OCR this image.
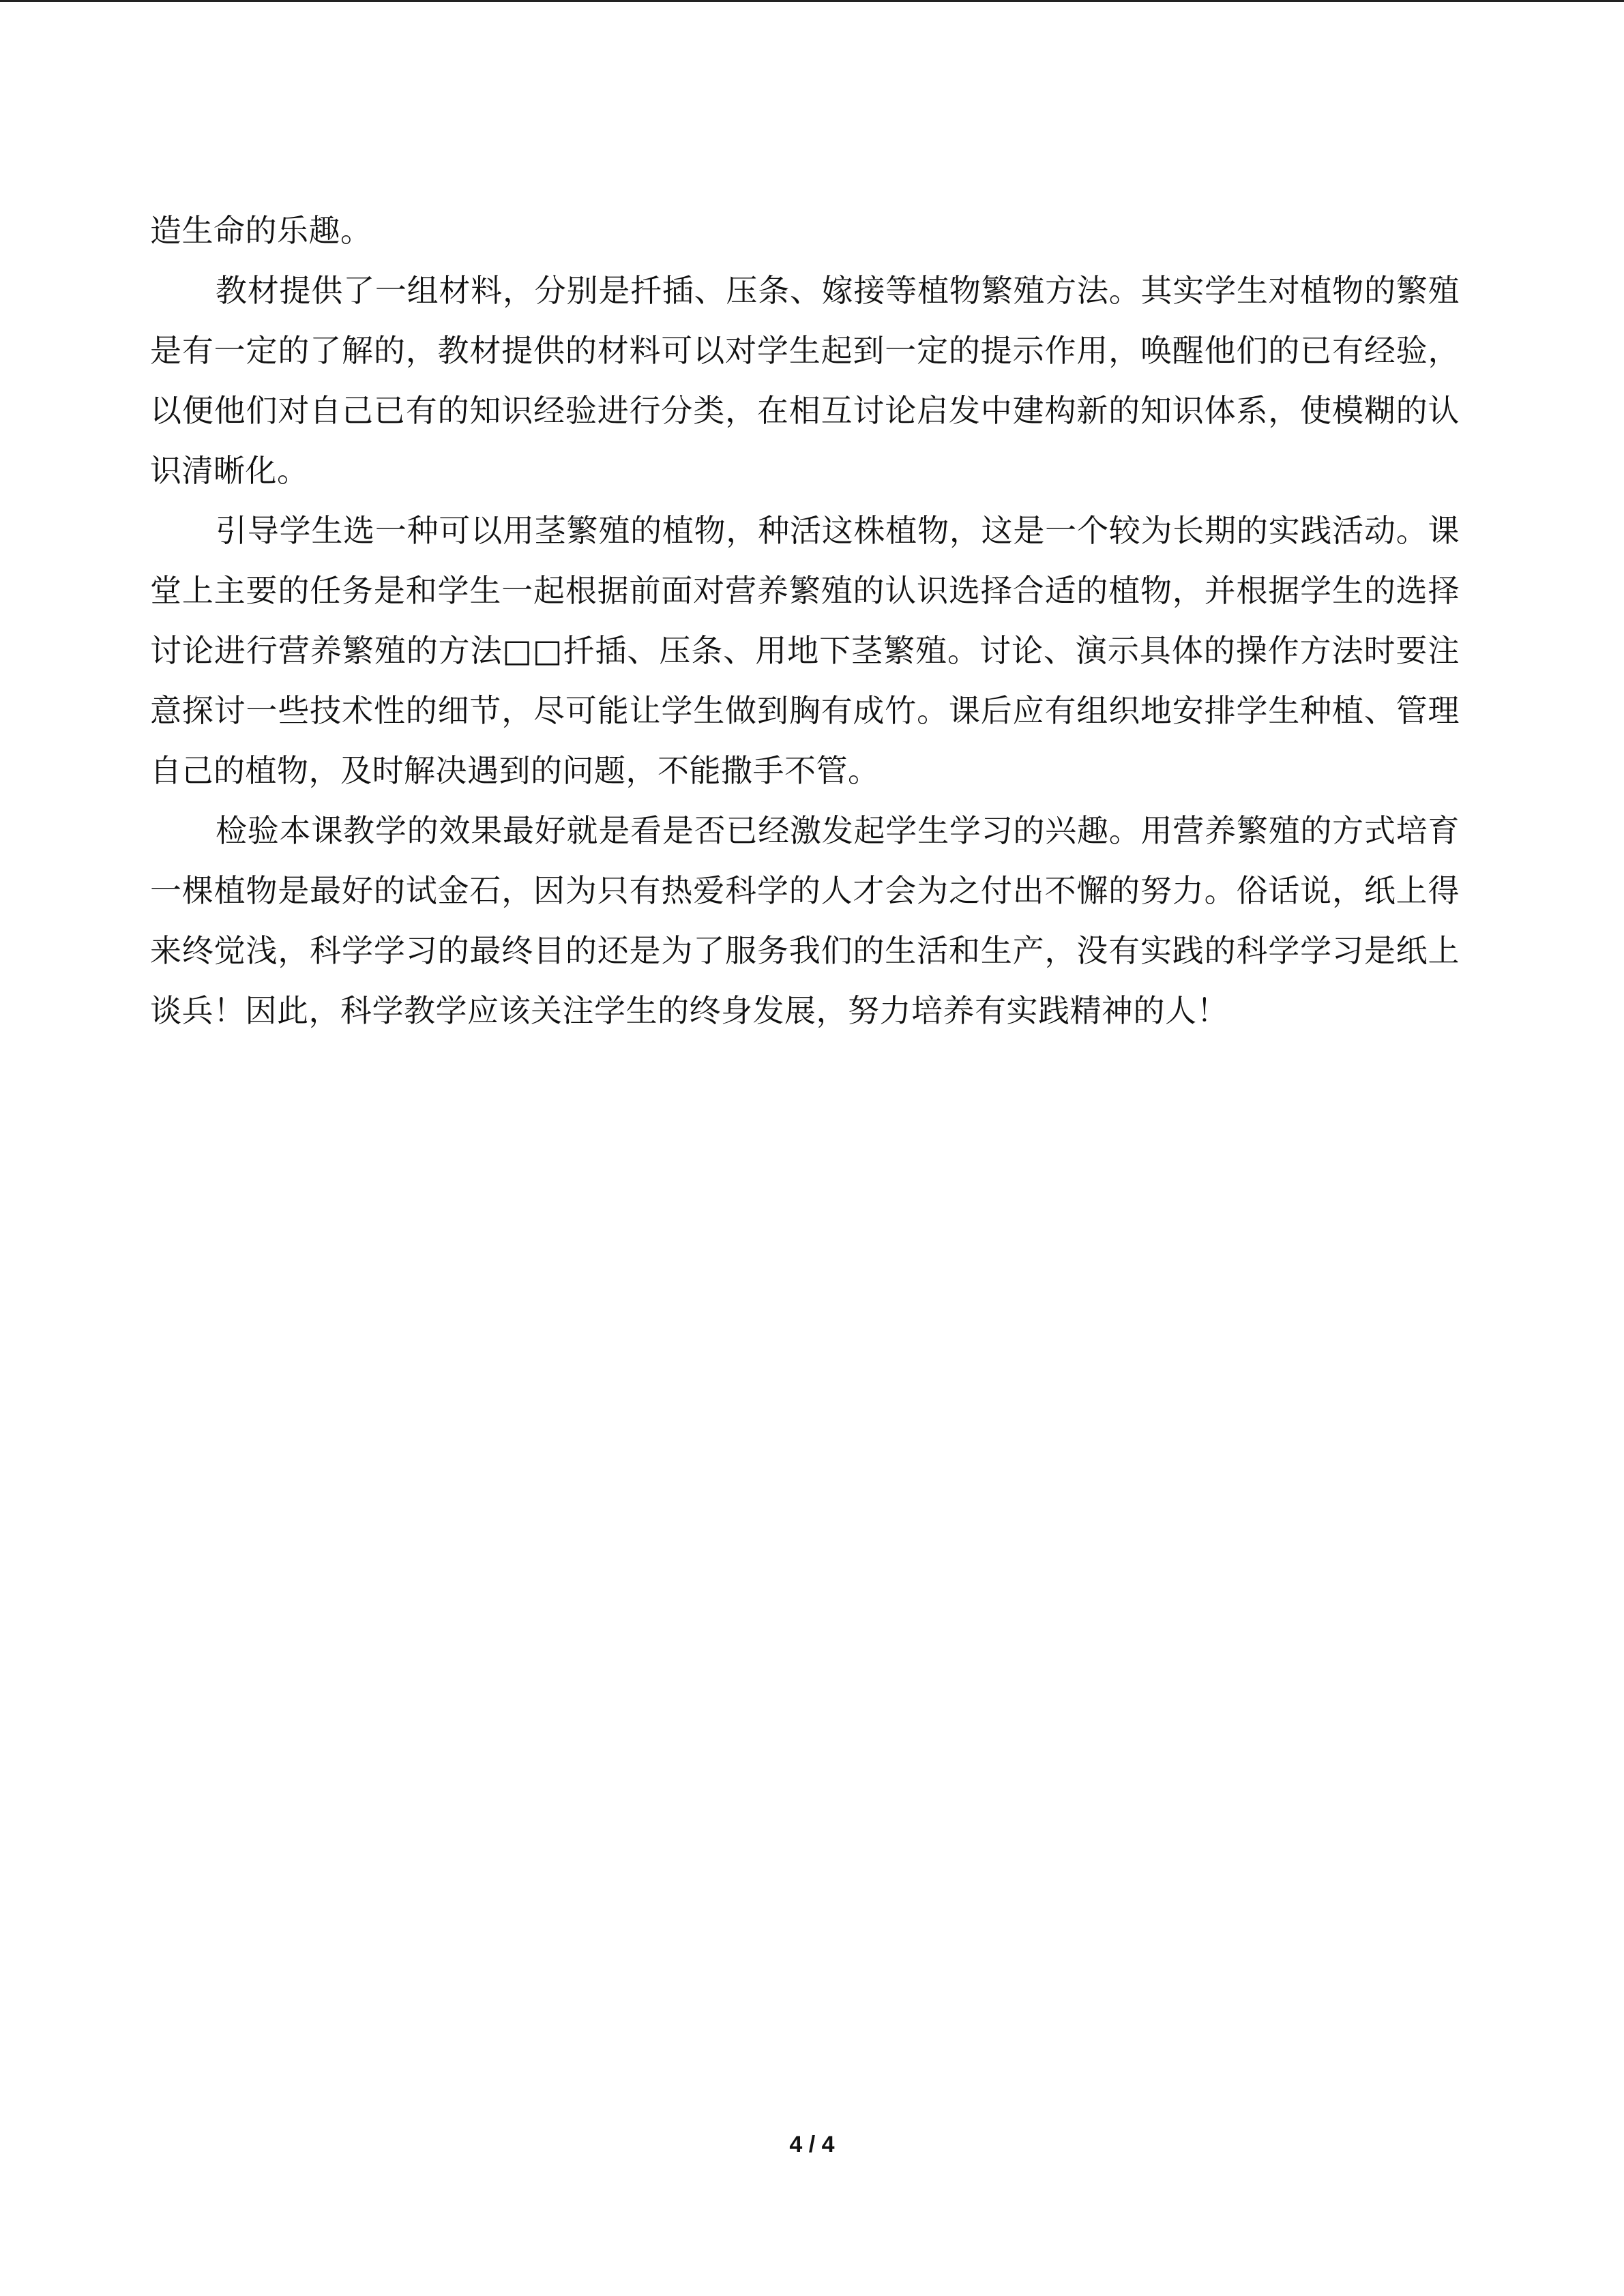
造生命的乐趣。

教材提供了一组材料，分别是扦插、压条、嫁接等植物繁殖方法。其实学生对植物的繁殖是有一定的了解的，教材提供的材料可以对学生起到一定的提示作用，唤醒他们的已有经验，以便他们对自己已有的知识经验进行分类，在相互讨论启发中建构新的知识体系，使模糊的认识清晰化。

引导学生选一种可以用茎繁殖的植物，种活这株植物，这是一个较为长期的实践活动。课堂上主要的任务是和学生一起根据前面对营养繁殖的认识选择合适的植物，并根据学生的选择讨论进行营养繁殖的方法□□扦插、压条、用地下茎繁殖。讨论、演示具体的操作方法时要注意探讨一些技术性的细节，尽可能让学生做到胸有成竹。课后应有组织地安排学生种植、管理自己的植物，及时解决遇到的问题，不能撒手不管。

检验本课教学的效果最好就是看是否已经激发起学生学习的兴趣。用营养繁殖的方式培育一棵植物是最好的试金石，因为只有热爱科学的人才会为之付出不懈的努力。俗话说，纸上得来终觉浅，科学学习的最终目的还是为了服务我们的生活和生产，没有实践的科学学习是纸上谈兵！因此，科学教学应该关注学生的终身发展，努力培养有实践精神的人！

4 / 4
